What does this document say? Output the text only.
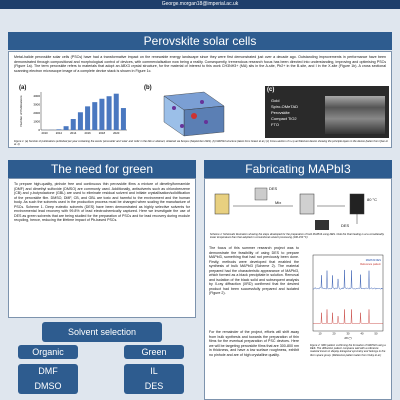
George.morgan18@imperial.ac.uk
Perovskite solar cells
Metal-halide perovskite solar cells (PSCs) have had a transformative impact on the renewable energy landscape since they were first demonstrated just over a decade ago. Outstanding improvements in performance have been demonstrated through compositional and morphological control of devices, with commercialisation now being a reality. Consequently, tremendous research focus has been directed into understanding, improving and optimising PSCs (Figure 1a). The term perovskite refers to materials that adopt an ABX3 crystal structure, for the material of interest to this work CH3NH3+ (MA) sits in the A-site, Pb2+ in the B-site, and I in the X-site (Figure 1b). A cross sectional scanning electron microscope image of a complete device stack is shown in Figure 1c.
(a)
Number of Publications
0
1000
2000
3000
4000
2010	2012	2014	2016	2018	2020
(b)	(c)
Gold
Spiro-OMeTAD
Perovskite
Compact TiO2
FTO
Figure 1: (a) Number of publications published per year containing the words 'perovskite' and 'solar' and 'cells' in the title or abstract, obtained via Scopus (September 2021). (b) MAPbI3 structure (taken from Green et al.) (c) Cross-section of n-i-p architecture device showing the principle layers in the device (taken from Qian et al. 2)
The need for green
To prepare high-quality, pinhole free and continuous thin perovskite films a mixture of dimethylformamide (DMF) and dimethyl sulfoxide (DMSO) are commonly used. Additionally, antisolvents such as chlorobenzene (CB) and γ-butyrolactone (GBL) are used to eliminate residual solvent and initiate crystallisation/solidification of the perovskite film. DMSO, DMF, CB, and GBL are toxic and harmful to the environment and the human body. As such the solvents used in the production process must be changed when scaling the manufacture of PSCs. Scheme 1. Deep eutectic solvents (DES) have been demonstrated as highly selective solvents for environmental lead recovery with 99.8% of lead electrochemically captured. Here we investigate the use of DES as green solvents that are being studied for the preparation of PSCs and for lead recovery during module recycling, hence, reducing the lifetime impact of Pb-based PSCs.
Solvent selection
Organic	Green
DMF
DMSO
IL
DES
Fabricating MAPbI3
DES
Mix
80 °C
DES
Scheme 1: Schematic illustration showing the steps developed for the preparation of bulk MAPbI3 using DES. Note the final heating is at a considerably lower temperature than that adopted in conventional solvent processing (100-150 °C)
The focus of this summer research project was to demonstrate the feasibility of using DES to prepare MAPbI3, something that had not previously been done. Firstly, methods were developed that enabled the synthesis of bulk MAPbI3 (Scheme 2). The material prepared had the characteristic appearance of MAPbI3, which formed as a black precipitate in solution. Removal and isolation of the black solid and subsequent analysis by X-ray diffraction (XRD) confirmed that the desired product had been successfully prepared and isolated (Figure 2).
For the remainder of the project, efforts will shift away from bulk synthesis and towards the preparation of thin films for the eventual preparation of PSC devices. Here we will be targeting perovskite films that are 300-800 nm in thickness, and have a low surface roughness, exhibit no pinhole and are of high crystalline quality.
MAPbI3 DES
Reference pattern
10	20	30	40	50
2θ (°)
Figure 2: XRD pattern confirming the formation of MAPbI3 using a DES. The diffraction pattern compares well with a reference material known in display tetragonal symmetry and belongs to the I4cm space group. (Reference pattern taken from Oxley et al.)
